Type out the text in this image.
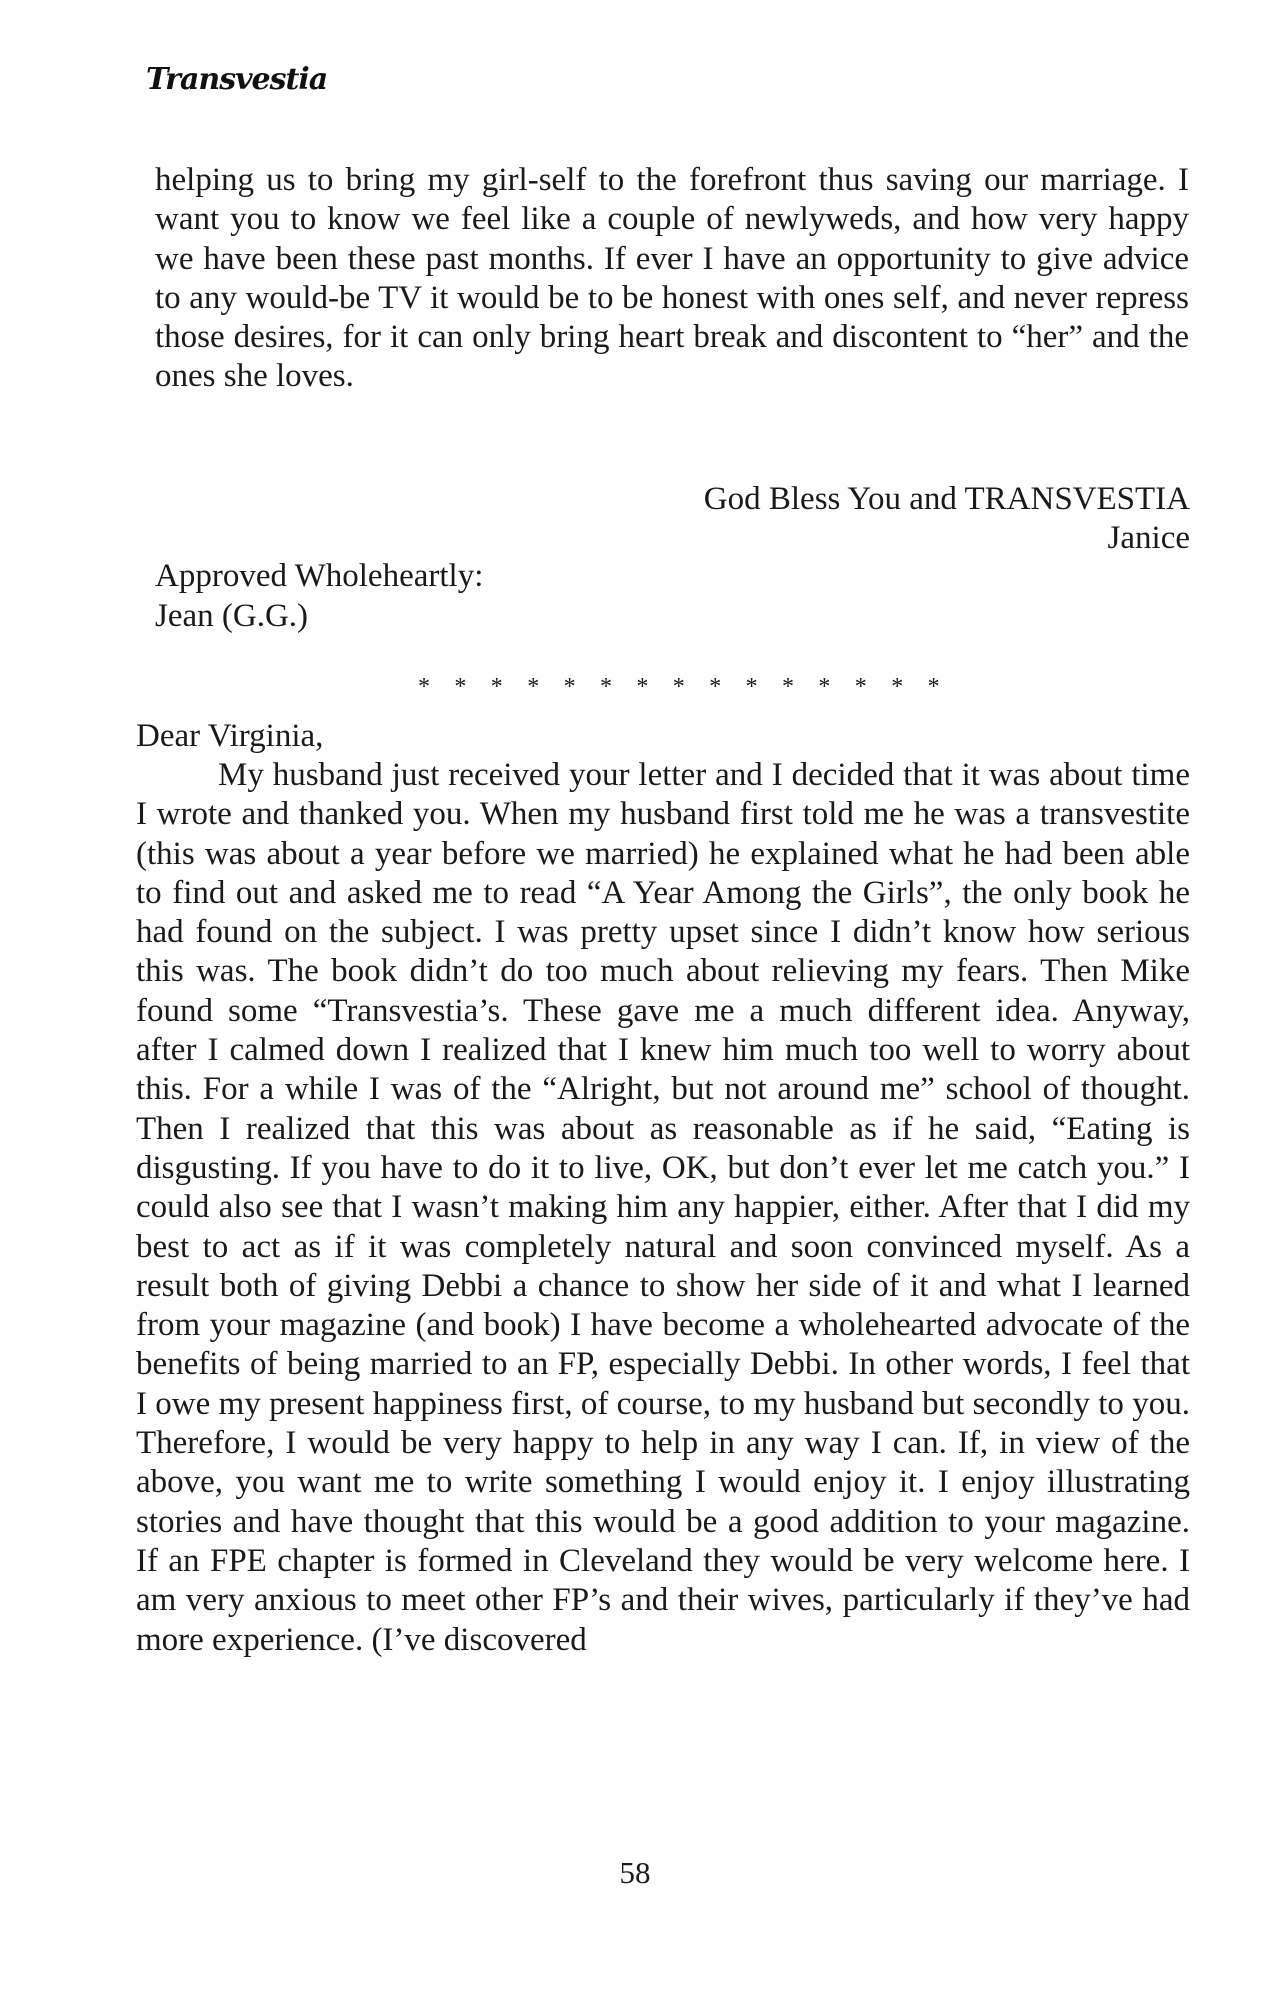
Transvestia
helping us to bring my girl-self to the forefront thus saving our marriage. I want you to know we feel like a couple of newlyweds, and how very happy we have been these past months. If ever I have an opportunity to give advice to any would-be TV it would be to be honest with ones self, and never repress those desires, for it can only bring heart break and discontent to “her” and the ones she loves.
God Bless You and TRANSVESTIA
Janice
Approved Wholeheartly:
Jean (G.G.)
* * * * * * * * * * * * * * *
Dear Virginia,
My husband just received your letter and I decided that it was about time I wrote and thanked you. When my husband first told me he was a transvestite (this was about a year before we married) he explained what he had been able to find out and asked me to read “A Year Among the Girls”, the only book he had found on the subject. I was pretty upset since I didn’t know how serious this was. The book didn’t do too much about relieving my fears. Then Mike found some “Transvestia’s. These gave me a much different idea. Anyway, after I calmed down I realized that I knew him much too well to worry about this. For a while I was of the “Alright, but not around me” school of thought. Then I realized that this was about as reasonable as if he said, “Eating is disgusting. If you have to do it to live, OK, but don’t ever let me catch you.” I could also see that I wasn’t making him any happier, either. After that I did my best to act as if it was completely natural and soon convinced myself. As a result both of giving Debbi a chance to show her side of it and what I learned from your magazine (and book) I have become a wholehearted advocate of the benefits of being married to an FP, especially Debbi. In other words, I feel that I owe my present happiness first, of course, to my husband but secondly to you. Therefore, I would be very happy to help in any way I can. If, in view of the above, you want me to write something I would enjoy it. I enjoy illustrating stories and have thought that this would be a good addition to your magazine. If an FPE chapter is formed in Cleveland they would be very welcome here. I am very anxious to meet other FP’s and their wives, particularly if they’ve had more experience. (I’ve discovered
58
